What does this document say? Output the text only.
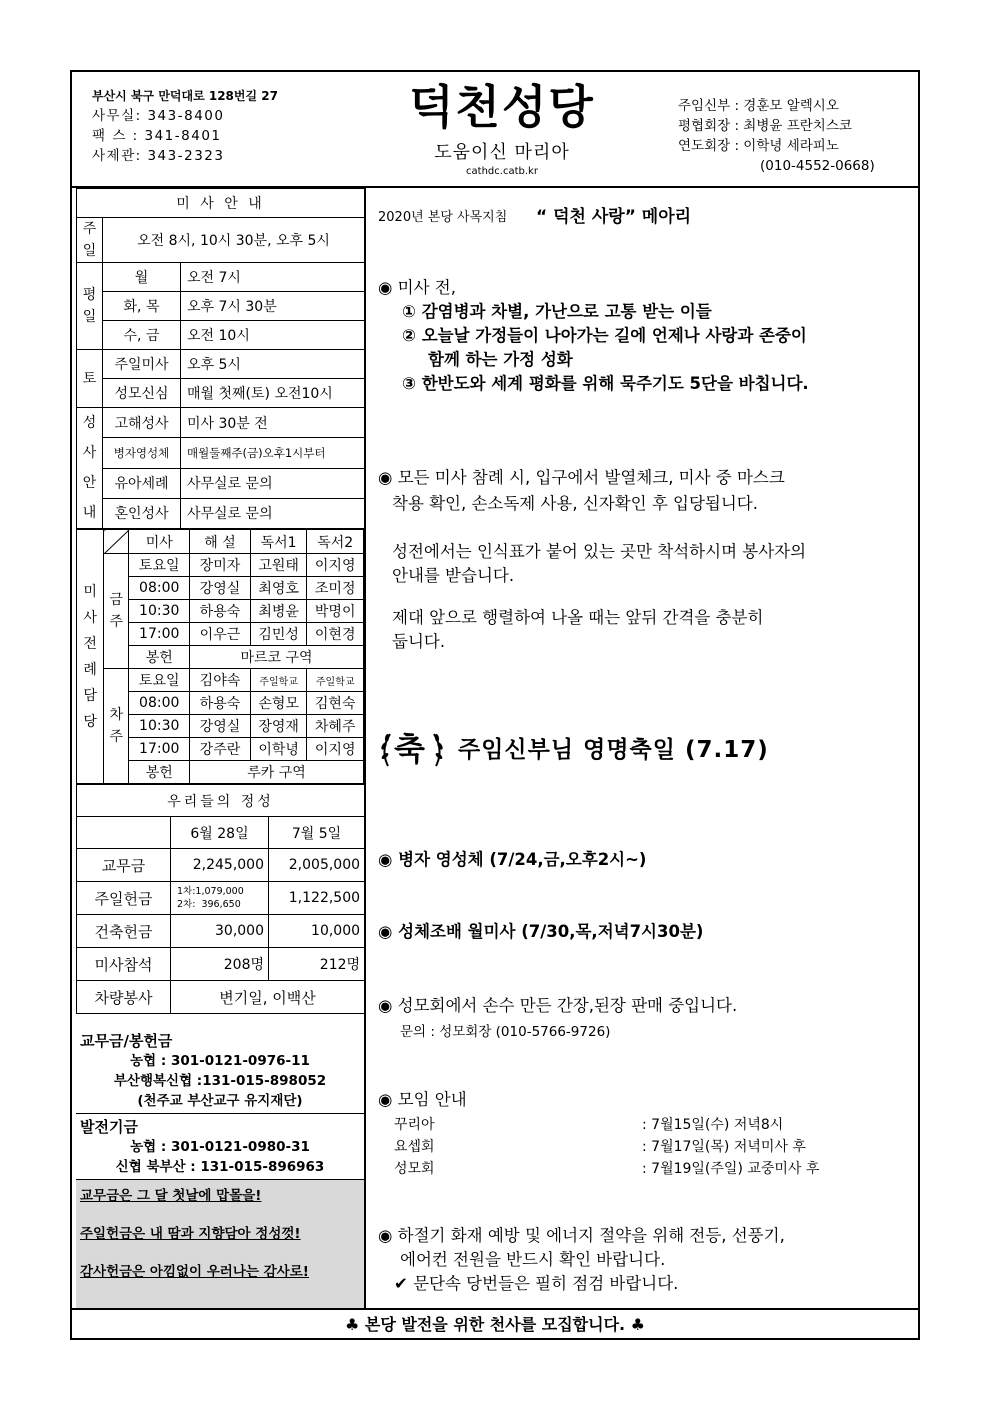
부산시 북구 만덕대로 128번길 27
사무실: 343-8400
팩 스 : 341-8401
사제관: 343-2323
덕천성당
도움이신 마리아
cathdc.catb.kr
주임신부 : 경훈모 알렉시오
평협회장 : 최병윤 프란치스코
연도회장 : 이학녕 세라피노
(010-4552-0668)
미 사 안 내		

주일	오전 8시, 10시 30분, 오후 5시	

평일	월	오전 7시
	화, 목	오후 7시 30분
	수, 금	오전 10시
토	주일미사	오후 5시
	성모신심	매월 첫째(토) 오전10시

성사안내	고해성사	미사 30분 전
	병자영성체	매월둘째주(금)오후1시부터
	유아세례	사무실로 문의
	혼인성사	사무실로 문의
미사전례담당		미사	해 설	독서1	독서2

	금주	토요일	장미자	고원태	이지영
		08:00	강영실	최영호	조미정
		10:30	하용숙	최병윤	박명이
		17:00	이우근	김민성	이현경
		봉헌	마르코 구역		

	차주	토요일	김야속	주일학교	주일학교
		08:00	하용숙	손형모	김현숙
		10:30	강영실	장영재	차혜주
		17:00	강주란	이학녕	이지영
		봉헌	루카 구역		
우리들의 정성		
	6월 28일	7월 5일
교무금	2,245,000	2,005,000
주일헌금	1차:1,079,000
2차:  396,650	1,122,500
건축헌금	30,000	10,000
미사참석	208명	212명
차량봉사	변기일, 이백산	
교무금/봉헌금
농협 : 301-0121-0976-11
부산행복신협 :131-015-898052
(천주교 부산교구 유지재단)
발전기금
농협 : 301-0121-0980-31
신협 북부산 : 131-015-896963
교무금은 그 달 첫날에 맙몰을!
주일헌금은 내 땀과 지향담아 정성껏!
감사헌금은 아낌없이 우러나는 감사로!
2020년 본당 사목지침 “ 덕천 사랑” 메아리
◉ 미사 전,
① 감염병과 차별, 가난으로 고통 받는 이들
② 오늘날 가정들이 나아가는 길에 언제나 사랑과 존중이
함께 하는 가정 성화
③ 한반도와 세계 평화를 위해 묵주기도 5단을 바칩니다.
◉ 모든 미사 참례 시, 입구에서 발열체크, 미사 중 마스크
착용 확인, 손소독제 사용, 신자확인 후 입당됩니다.
성전에서는 인식표가 붙어 있는 곳만 착석하시며 봉사자의
안내를 받습니다.
제대 앞으로 행렬하여 나올 때는 앞뒤 간격을 충분히
둡니다.
축 주임신부님 영명축일 (7.17)
◉ 병자 영성체 (7/24,금,오후2시~)
◉ 성체조배 월미사 (7/30,목,저녁7시30분)
◉ 성모회에서 손수 만든 간장,된장 판매 중입니다.
문의 : 성모회장 (010-5766-9726)
◉ 모임 안내
꾸리아	: 7월15일(수) 저녁8시
요셉회	: 7월17일(목) 저녁미사 후
성모회	: 7월19일(주일) 교중미사 후
◉ 하절기 화재 예방 및 에너지 절약을 위해 전등, 선풍기,
에어컨 전원을 반드시 확인 바랍니다.
✔ 문단속 당번들은 필히 점검 바랍니다.
♣ 본당 발전을 위한 천사를 모집합니다. ♣
